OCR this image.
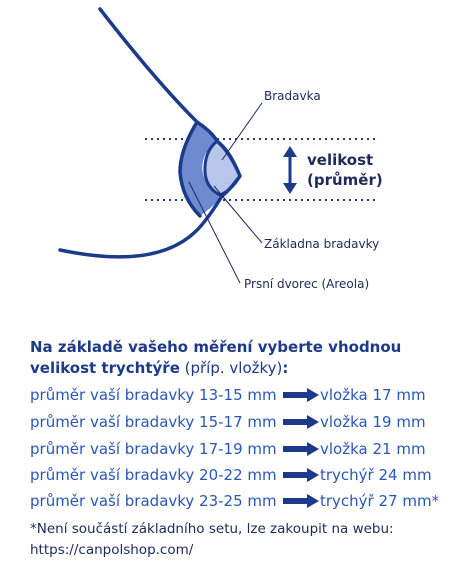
Bradavka
velikost
(průměr)
Základna bradavky
Prsní dvorec (Areola)
Na základě vašeho měření vyberte vhodnou velikost trychtýře (příp. vložky):
průměr vaší bradavky 13-15 mm	vložka 17 mm
průměr vaší bradavky 15-17 mm	vložka 19 mm
průměr vaší bradavky 17-19 mm	vložka 21 mm
průměr vaší bradavky 20-22 mm	trychýř 24 mm
průměr vaší bradavky 23-25 mm	trychýř 27 mm*
*Není součástí základního setu, lze zakoupit na webu: https://canpolshop.com/
